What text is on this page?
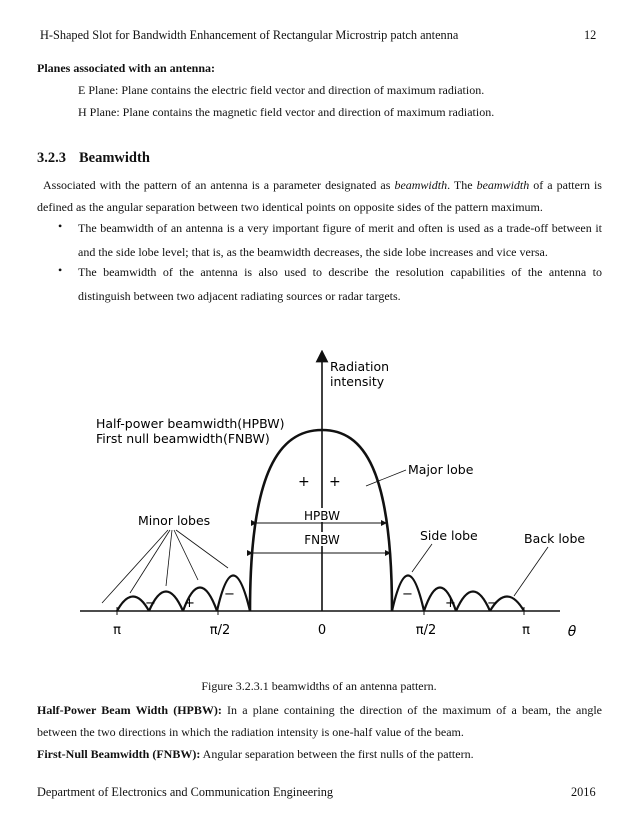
H-Shaped Slot for Bandwidth Enhancement of Rectangular Microstrip patch antenna	12
Planes associated with an antenna:
E Plane: Plane contains the electric field vector and direction of maximum radiation.
H Plane: Plane contains the magnetic field vector and direction of maximum radiation.
3.2.3 Beamwidth
Associated with the pattern of an antenna is a parameter designated as beamwidth. The beamwidth of a pattern is defined as the angular separation between two identical points on opposite sides of the pattern maximum.
• The beamwidth of an antenna is a very important figure of merit and often is used as a trade-off between it and the side lobe level; that is, as the beamwidth decreases, the side lobe increases and vice versa.
• The beamwidth of the antenna is also used to describe the resolution capabilities of the antenna to distinguish between two adjacent radiating sources or radar targets.
HPBW
FNBW
Half-power beamwidth(HPBW)
First null beamwidth(FNBW)
Radiation
intensity
Major lobe
Minor lobes
Side lobe	Back lobe
+ +
− +
−	−
+ −
π	π/2	0	π/2	π	θ
Figure 3.2.3.1 beamwidths of an antenna pattern.
Half-Power Beam Width (HPBW): In a plane containing the direction of the maximum of a beam, the angle between the two directions in which the radiation intensity is one-half value of the beam.
First-Null Beamwidth (FNBW): Angular separation between the first nulls of the pattern.
Department of Electronics and Communication Engineering	2016
